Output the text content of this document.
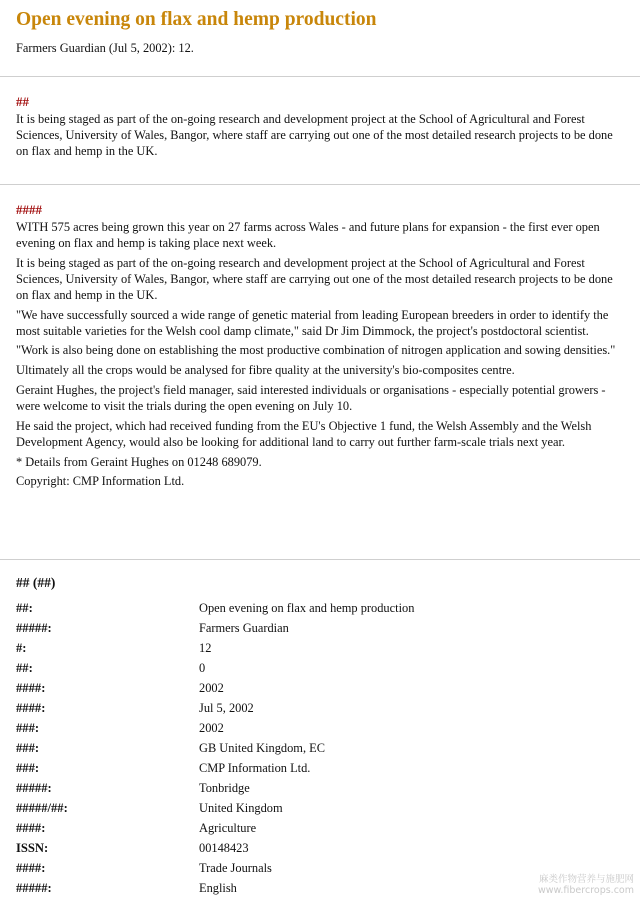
Open evening on flax and hemp production
Farmers Guardian (Jul 5, 2002): 12.
##

It is being staged as part of the on-going research and development project at the School of Agricultural and Forest Sciences, University of Wales, Bangor, where staff are carrying out one of the most detailed research projects to be done on flax and hemp in the UK.

####

WITH 575 acres being grown this year on 27 farms across Wales - and future plans for expansion - the first ever open evening on flax and hemp is taking place next week.

It is being staged as part of the on-going research and development project at the School of Agricultural and Forest Sciences, University of Wales, Bangor, where staff are carrying out one of the most detailed research projects to be done on flax and hemp in the UK.

"We have successfully sourced a wide range of genetic material from leading European breeders in order to identify the most suitable varieties for the Welsh cool damp climate," said Dr Jim Dimmock, the project's postdoctoral scientist.

"Work is also being done on establishing the most productive combination of nitrogen application and sowing densities."

Ultimately all the crops would be analysed for fibre quality at the university's bio-composites centre.

Geraint Hughes, the project's field manager, said interested individuals or organisations - especially potential growers - were welcome to visit the trials during the open evening on July 10.

He said the project, which had received funding from the EU's Objective 1 fund, the Welsh Assembly and the Welsh Development Agency, would also be looking for additional land to carry out further farm-scale trials next year.

* Details from Geraint Hughes on 01248 689079.

Copyright: CMP Information Ltd.

## (##)
##:	Open evening on flax and hemp production
#####:	Farmers Guardian
#:	12
##:	0
####:	2002
####:	Jul 5, 2002
###:	2002
###:	GB United Kingdom, EC
###:	CMP Information Ltd.
#####:	Tonbridge
#####/##:	United Kingdom
####:	Agriculture
ISSN:	00148423
####:	Trade Journals
#####:	English
麻类作物营养与施肥网
www.fibercrops.com
